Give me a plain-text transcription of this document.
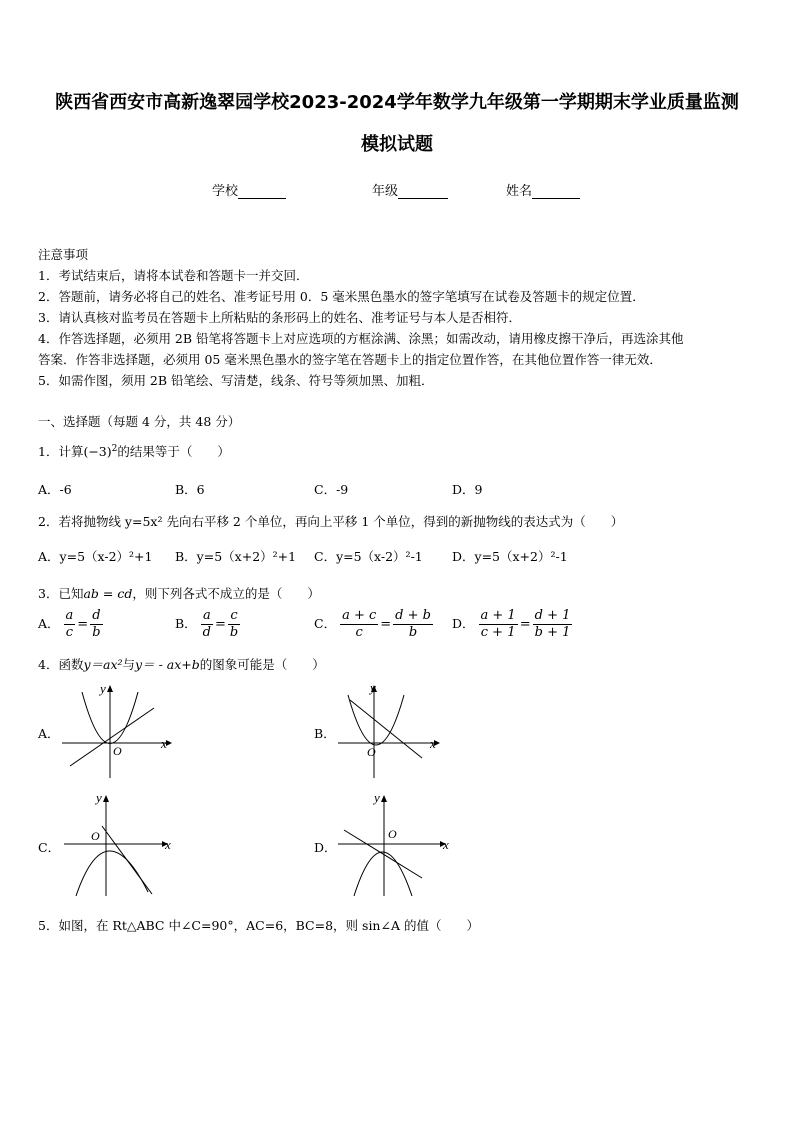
陕西省西安市高新逸翠园学校2023-2024学年数学九年级第一学期期末学业质量监测
模拟试题
学校	年级	姓名
注意事项
1．考试结束后，请将本试卷和答题卡一并交回．
2．答题前，请务必将自己的姓名、准考证号用 0．5 毫米黑色墨水的签字笔填写在试卷及答题卡的规定位置．
3．请认真核对监考员在答题卡上所粘贴的条形码上的姓名、准考证号与本人是否相符．
4．作答选择题，必须用 2B 铅笔将答题卡上对应选项的方框涂满、涂黑；如需改动，请用橡皮擦干净后，再选涂其他
答案．作答非选择题，必须用 05 毫米黑色墨水的签字笔在答题卡上的指定位置作答，在其他位置作答一律无效．
5．如需作图，须用 2B 铅笔绘、写清楚，线条、符号等须加黑、加粗．
一、选择题（每题 4 分，共 48 分）
1．计算$(-3)^2$的结果等于（　　）
A．-6	B．6	C．-9	D．9
2．若将抛物线 y=5x² 先向右平移 2 个单位，再向上平移 1 个单位，得到的新抛物线的表达式为（　　）
A．y=5（x-2）²+1 B．y=5（x+2）²+1 C．y=5（x-2）²-1 D．y=5（x+2）²-1
3．已知ab = cd，则下列各式不成立的是（　　）
A． $\frac{a}{c} = \frac{d}{b}$	B． $\frac{a}{d} = \frac{c}{b}$	C． $\frac{a + c}{c} = \frac{d + b}{b}$ D． $\frac{a + 1}{c + 1} = \frac{d + 1}{b + 1}$
4．函数y＝ax²与y＝ - ax+b的图象可能是（　　）
A．	B．
C．	D．
y
x
O
y
x
O
y
x
O
y
x
O
5．如图，在 Rt△ABC 中∠C=90°，AC=6，BC=8，则 sin∠A 的值（　　）
